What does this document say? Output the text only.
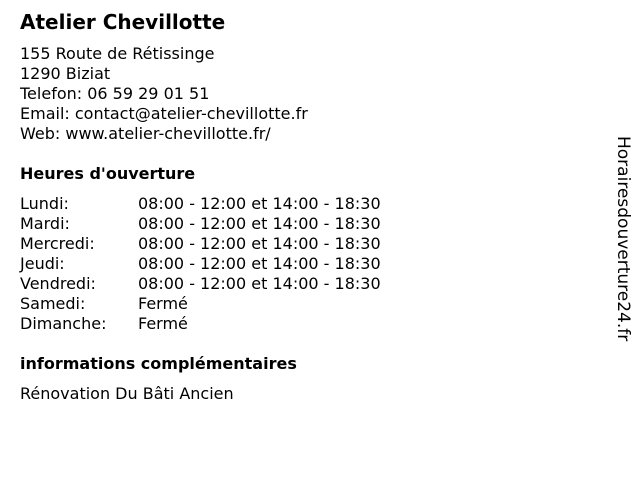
Atelier Chevillotte
155 Route de Rétissinge
1290 Biziat
Telefon: 06 59 29 01 51
Email: contact@atelier-chevillotte.fr
Web: www.atelier-chevillotte.fr/
Heures d'ouverture
Lundi:	08:00 - 12:00 et 14:00 - 18:30
Mardi:	08:00 - 12:00 et 14:00 - 18:30
Mercredi:	08:00 - 12:00 et 14:00 - 18:30
Jeudi:	08:00 - 12:00 et 14:00 - 18:30
Vendredi:	08:00 - 12:00 et 14:00 - 18:30
Samedi:	Fermé
Dimanche: Fermé
informations complémentaires
Rénovation Du Bâti Ancien
Horairesdouverture24.fr
